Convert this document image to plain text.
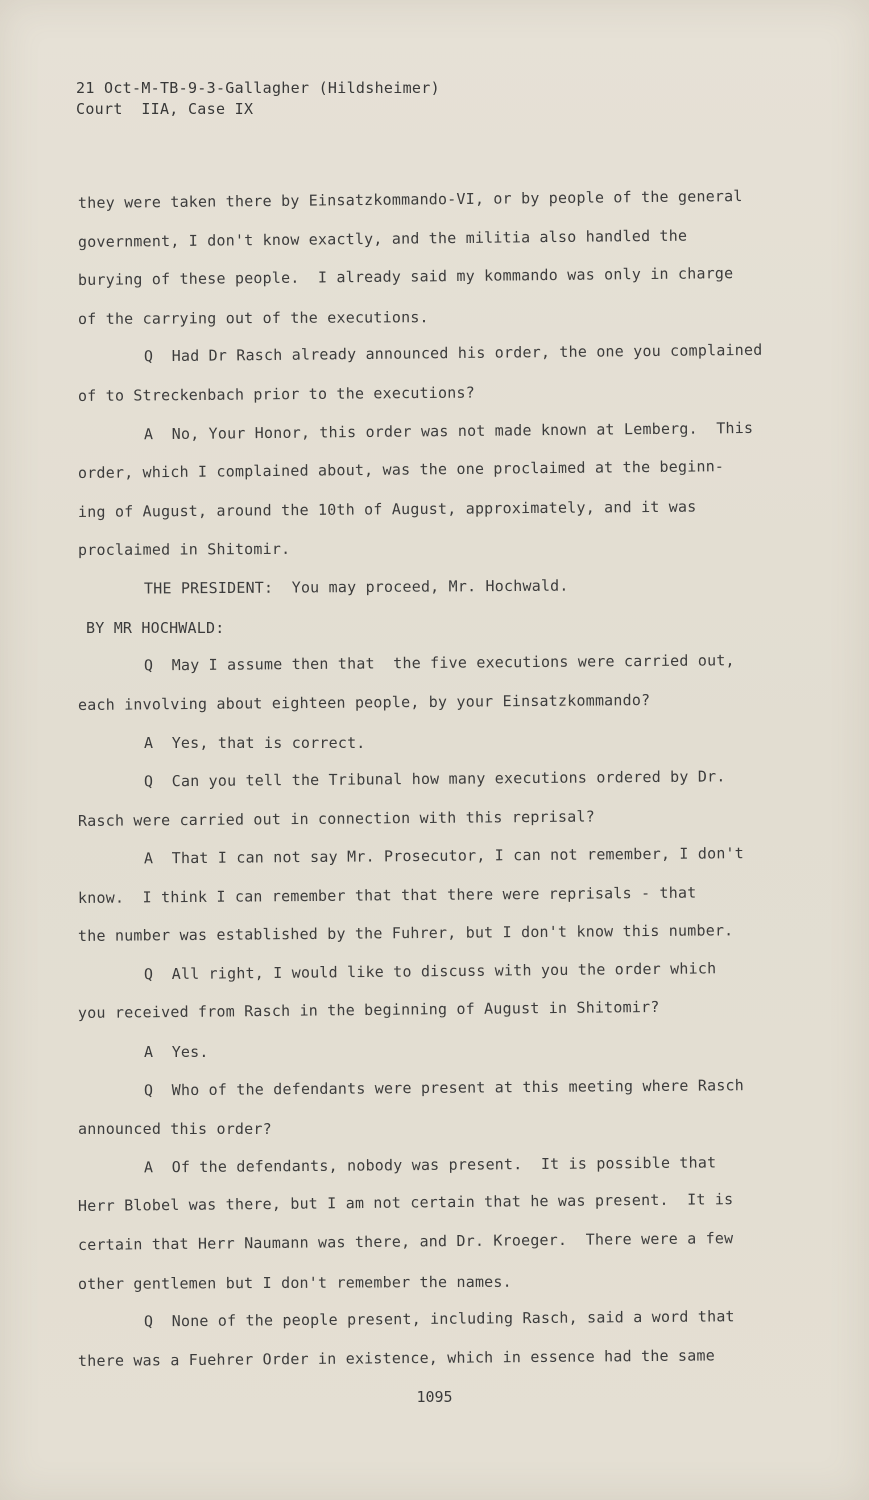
21 Oct-M-TB-9-3-Gallagher (Hildsheimer)
Court  IIA, Case IX
they were taken there by Einsatzkommando-VI, or by people of the general
government, I don't know exactly, and the militia also handled the
burying of these people.  I already said my kommando was only in charge
of the carrying out of the executions.
Q  Had Dr Rasch already announced his order, the one you complained
of to Streckenbach prior to the executions?
A  No, Your Honor, this order was not made known at Lemberg.  This
order, which I complained about, was the one proclaimed at the beginn-
ing of August, around the 10th of August, approximately, and it was
proclaimed in Shitomir.
THE PRESIDENT:  You may proceed, Mr. Hochwald.
BY MR HOCHWALD:
Q  May I assume then that  the five executions were carried out,
each involving about eighteen people, by your Einsatzkommando?
A  Yes, that is correct.
Q  Can you tell the Tribunal how many executions ordered by Dr.
Rasch were carried out in connection with this reprisal?
A  That I can not say Mr. Prosecutor, I can not remember, I don't
know.  I think I can remember that that there were reprisals - that
the number was established by the Fuhrer, but I don't know this number.
Q  All right, I would like to discuss with you the order which
you received from Rasch in the beginning of August in Shitomir?
A  Yes.
Q  Who of the defendants were present at this meeting where Rasch
announced this order?
A  Of the defendants, nobody was present.  It is possible that
Herr Blobel was there, but I am not certain that he was present.  It is
certain that Herr Naumann was there, and Dr. Kroeger.  There were a few
other gentlemen but I don't remember the names.
Q  None of the people present, including Rasch, said a word that
there was a Fuehrer Order in existence, which in essence had the same
1095
